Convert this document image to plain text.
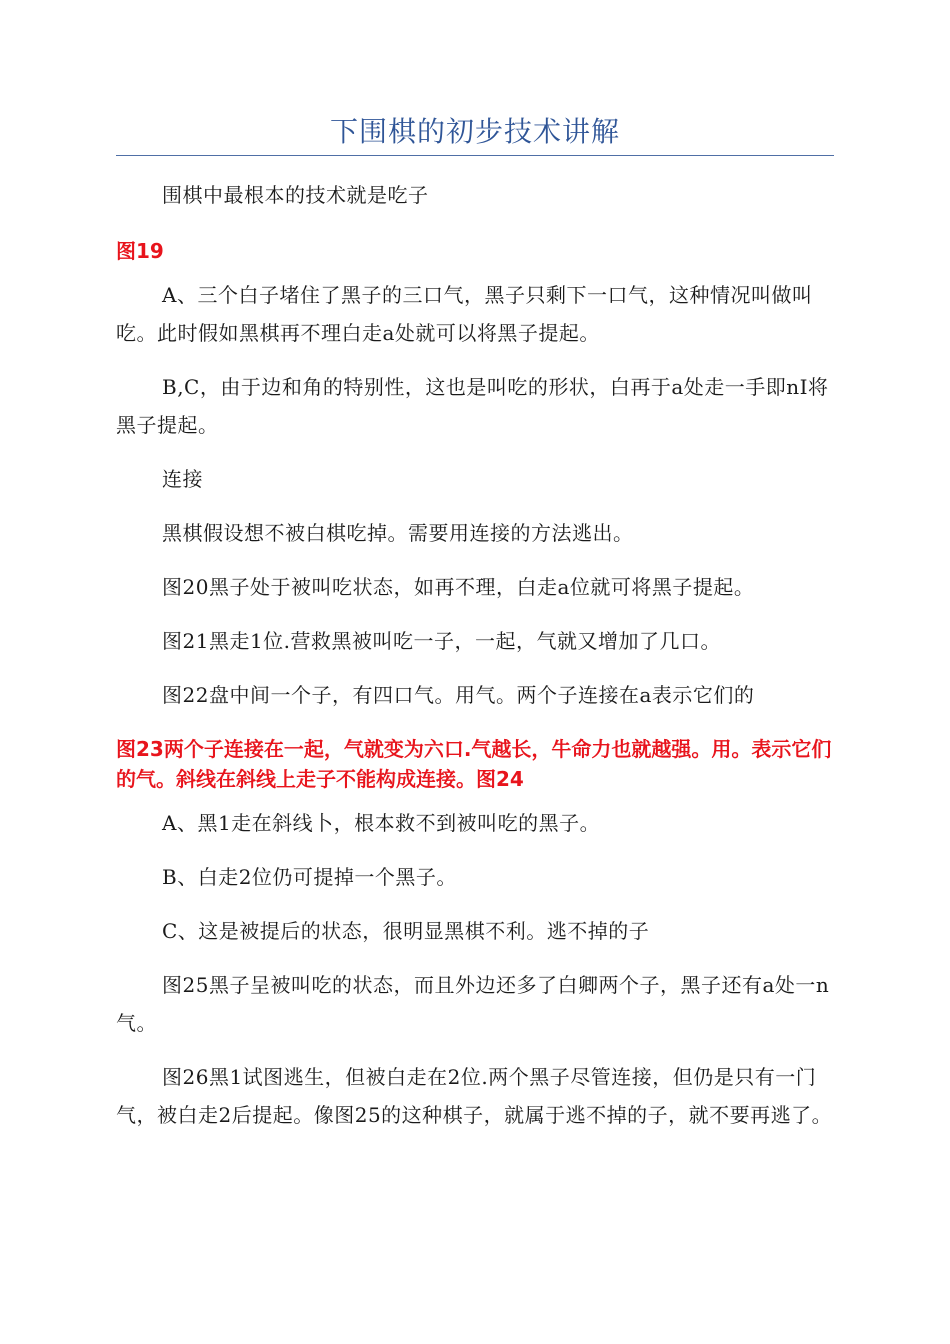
下围棋的初步技术讲解

围棋中最根本的技术就是吃子

图19

A、三个白子堵住了黑子的三口气，黑子只剩下一口气，这种情况叫做叫吃。此时假如黑棋再不理白走a处就可以将黑子提起。

B,C，由于边和角的特别性，这也是叫吃的形状，白再于a处走一手即nI将黑子提起。

连接

黑棋假设想不被白棋吃掉。需要用连接的方法逃出。

图20黑子处于被叫吃状态，如再不理，白走a位就可将黑子提起。

图21黑走1位.营救黑被叫吃一子，一起，气就又增加了几口。

图22盘中间一个子，有四口气。用气。两个子连接在a表示它们的

图23两个子连接在一起，气就变为六口.气越长，牛命力也就越强。用。表示它们的气。斜线在斜线上走子不能构成连接。图24

A、黑1走在斜线卜，根本救不到被叫吃的黑子。

B、白走2位仍可提掉一个黑子。

C、这是被提后的状态，很明显黑棋不利。逃不掉的子

图25黑子呈被叫吃的状态，而且外边还多了白卿两个子，黑子还有a处一n气。

图26黑1试图逃生，但被白走在2位.两个黑子尽管连接，但仍是只有一门气，被白走2后提起。像图25的这种棋子，就属于逃不掉的子，就不要再逃了。
